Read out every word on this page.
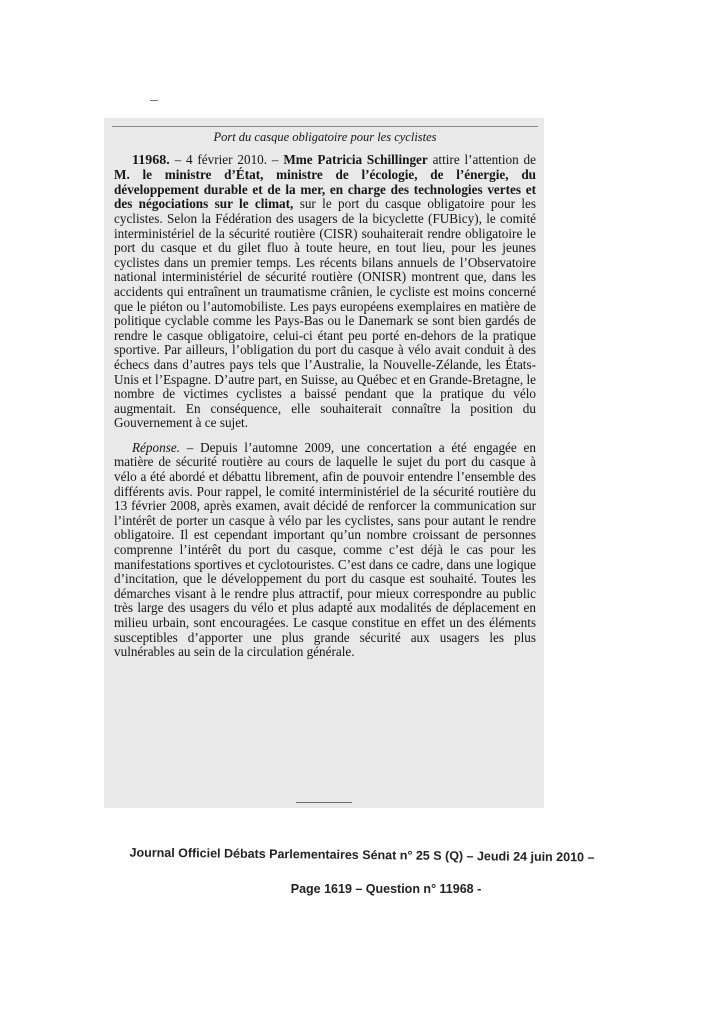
Port du casque obligatoire pour les cyclistes

11968. – 4 février 2010. – Mme Patricia Schillinger attire l’attention de M. le ministre d’État, ministre de l’écologie, de l’énergie, du développement durable et de la mer, en charge des technologies vertes et des négociations sur le climat, sur le port du casque obligatoire pour les cyclistes. Selon la Fédération des usagers de la bicyclette (FUBicy), le comité interministériel de la sécurité routière (CISR) souhaiterait rendre obligatoire le port du casque et du gilet fluo à toute heure, en tout lieu, pour les jeunes cyclistes dans un premier temps. Les récents bilans annuels de l’Observatoire national interministériel de sécurité routière (ONISR) montrent que, dans les accidents qui entraînent un traumatisme crânien, le cycliste est moins concerné que le piéton ou l’automobiliste. Les pays européens exemplaires en matière de politique cyclable comme les Pays-Bas ou le Danemark se sont bien gardés de rendre le casque obligatoire, celui-ci étant peu porté en-dehors de la pratique sportive. Par ailleurs, l’obligation du port du casque à vélo avait conduit à des échecs dans d’autres pays tels que l’Australie, la Nouvelle-Zélande, les États-Unis et l’Espagne. D’autre part, en Suisse, au Québec et en Grande-Bretagne, le nombre de victimes cyclistes a baissé pendant que la pratique du vélo augmentait. En conséquence, elle souhaiterait connaître la position du Gouvernement à ce sujet.

Réponse. – Depuis l’automne 2009, une concertation a été engagée en matière de sécurité routière au cours de laquelle le sujet du port du casque à vélo a été abordé et débattu librement, afin de pouvoir entendre l’ensemble des différents avis. Pour rappel, le comité interministériel de la sécurité routière du 13 février 2008, après examen, avait décidé de renforcer la communication sur l’intérêt de porter un casque à vélo par les cyclistes, sans pour autant le rendre obligatoire. Il est cependant important qu’un nombre croissant de personnes comprenne l’intérêt du port du casque, comme c’est déjà le cas pour les manifestations sportives et cyclotouristes. C’est dans ce cadre, dans une logique d’incitation, que le développement du port du casque est souhaité. Toutes les démarches visant à le rendre plus attractif, pour mieux correspondre au public très large des usagers du vélo et plus adapté aux modalités de déplacement en milieu urbain, sont encouragées. Le casque constitue en effet un des éléments susceptibles d’apporter une plus grande sécurité aux usagers les plus vulnérables au sein de la circulation générale.

Journal Officiel Débats Parlementaires Sénat n° 25 S (Q) – Jeudi 24 juin 2010 –
Page 1619 – Question n° 11968 -
